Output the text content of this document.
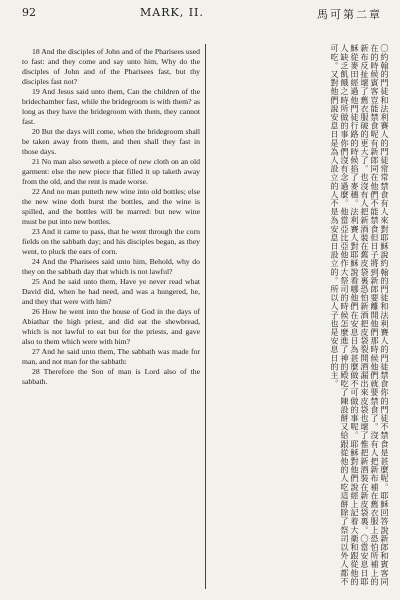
92	MARK, II.	馬可第二章

18 And the disciples of John and of the Pharisees used to fast: and they come and say unto him, Why do the disciples of John and of the Pharisees fast, but thy disciples fast not?

19 And Jesus said unto them, Can the children of the bridechamber fast, while the bridegroom is with them? as long as they have the bridegroom with them, they cannot fast.

20 But the days will come, when the bridegroom shall be taken away from them, and then shall they fast in those days.

21 No man also seweth a piece of new cloth on an old garment: else the new piece that filled it up taketh away from the old, and the rent is made worse.

22 And no man putteth new wine into old bottles; else the new wine doth burst the bottles, and the wine is spilled, and the bottles will be marred: but new wine must be put into new bottles.

23 And it came to pass, that he went through the corn fields on the sabbath day; and his disciples began, as they went, to pluck the ears of corn.

24 And the Pharisees said unto him, Behold, why do they on the sabbath day that which is not lawful?

25 And he said unto them, Have ye never read what David did, when he had need, and was a hungered, he, and they that were with him?

26 How he went into the house of God in the days of Abiathar the high priest, and did eat the shewbread, which is not lawful to eat but for the priests, and gave also to them which were with him?

27 And he said unto them, The sabbath was made for man, and not man for the sabbath:

28 Therefore the Son of man is Lord also of the sabbath.	〇約翰的門徒和法利賽人的門徒常常禁食有人來對耶穌說約翰的門徒和法利賽人的門徒禁食你的門徒不禁食是甚麼呢。耶穌回答說新郎和賓客同在的時候賓客豈能禁食呢有新郎同在他們不能禁食但日子將到新郎要離開他們那時候他們就要禁食了。沒有人把新布補在舊衣服上恐怕所補上的新布反扯壞了舊衣服破的更大了。也沒有人把新酒裝在舊皮袋裏恐怕新酒把皮袋裂開酒漏出來皮袋也壞了惟把新酒裝在新皮袋裏。〇當安息日耶穌從麥田經過他門徒行路的時候掐了麥穗。法利賽人對耶穌說看哪他們在安息日為甚麼做不可做的事呢。耶穌對他們說經上記着大衛和跟從他的人缺乏飢餓之時所做的事你們沒有念過麼。他當亞比亞他作大祭司的時候怎麼進了神的殿吃了陳設餅又給跟從他的人吃這餅除了祭司以外人都不可吃。又對他們說安息日是為人設立的人不是為安息日設立的。所以人子也是安息日的主。
